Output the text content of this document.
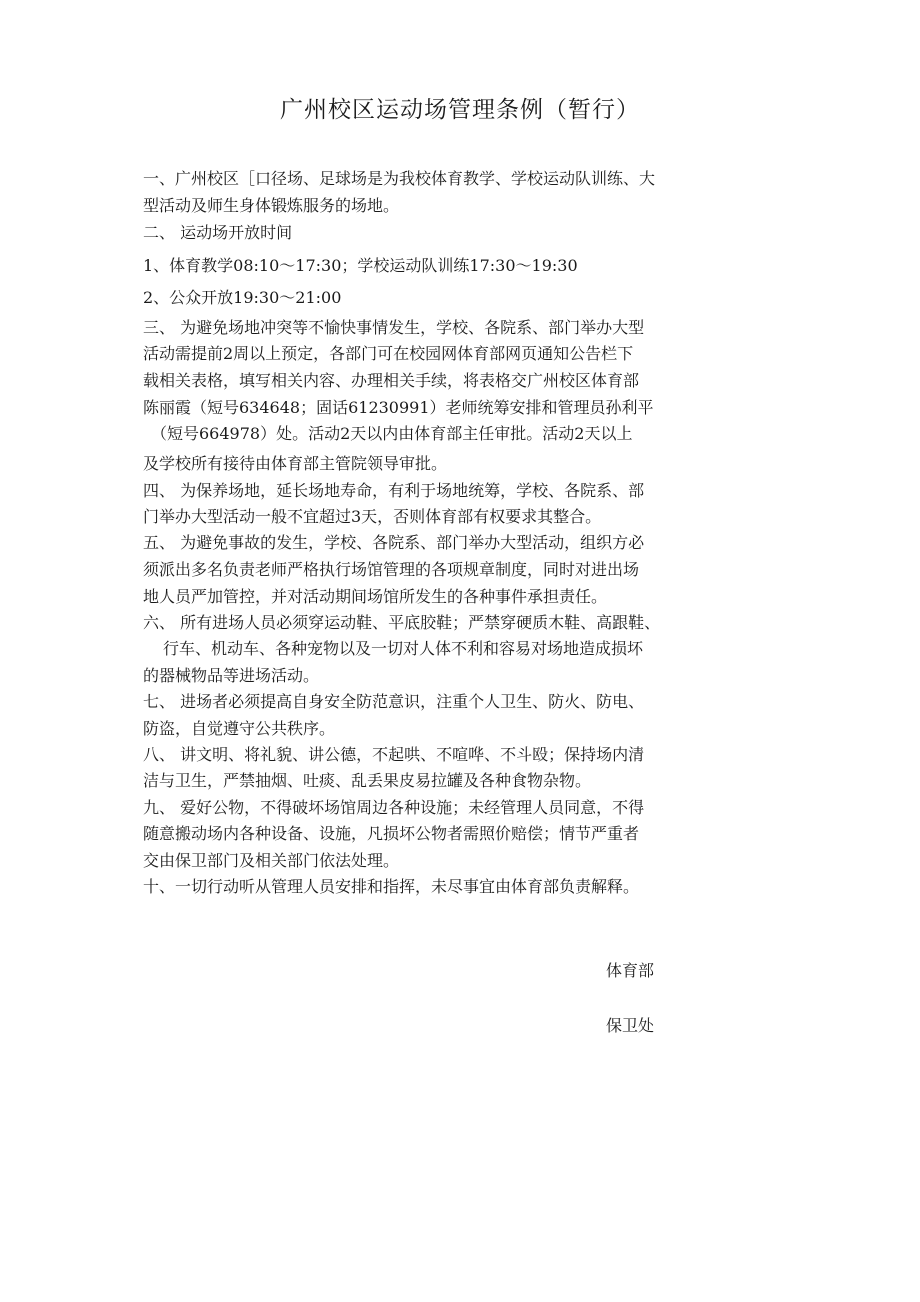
广州校区运动场管理条例（暂行）
一、广州校区［口径场、足球场是为我校体育教学、学校运动队训练、大
型活动及师生身体锻炼服务的场地。
二、 运动场开放时间
1、体育教学08:10〜17:30；学校运动队训练17:30〜19:30
2、公众开放19:30〜21:00
三、 为避免场地冲突等不愉快事情发生，学校、各院系、部门举办大型
活动需提前2周以上预定，各部门可在校园网体育部网页通知公告栏下
载相关表格，填写相关内容、办理相关手续，将表格交广州校区体育部
陈丽霞（短号634648；固话61230991）老师统筹安排和管理员孙利平
（短号664978）处。活动2天以内由体育部主任审批。活动2天以上
及学校所有接待由体育部主管院领导审批。
四、 为保养场地，延长场地寿命，有利于场地统筹，学校、各院系、部
门举办大型活动一般不宜超过3天，否则体育部有权要求其整合。
五、 为避免事故的发生，学校、各院系、部门举办大型活动，组织方必
须派出多名负责老师严格执行场馆管理的各项规章制度，同时对进出场
地人员严加管控，并对活动期间场馆所发生的各种事件承担责任。
六、 所有进场人员必须穿运动鞋、平底胶鞋；严禁穿硬质木鞋、高跟鞋、
行车、机动车、各种宠物以及一切对人体不利和容易对场地造成损坏
的器械物品等进场活动。
七、 进场者必须提高自身安全防范意识，注重个人卫生、防火、防电、
防盗，自觉遵守公共秩序。
八、 讲文明、将礼貌、讲公德，不起哄、不喧哗、不斗殴；保持场内清
洁与卫生，严禁抽烟、吐痰、乱丢果皮易拉罐及各种食物杂物。
九、 爱好公物，不得破坏场馆周边各种设施；未经管理人员同意，不得
随意搬动场内各种设备、设施，凡损坏公物者需照价赔偿；情节严重者
交由保卫部门及相关部门依法处理。
十、一切行动听从管理人员安排和指挥，未尽事宜由体育部负责解释。
体育部
保卫处
